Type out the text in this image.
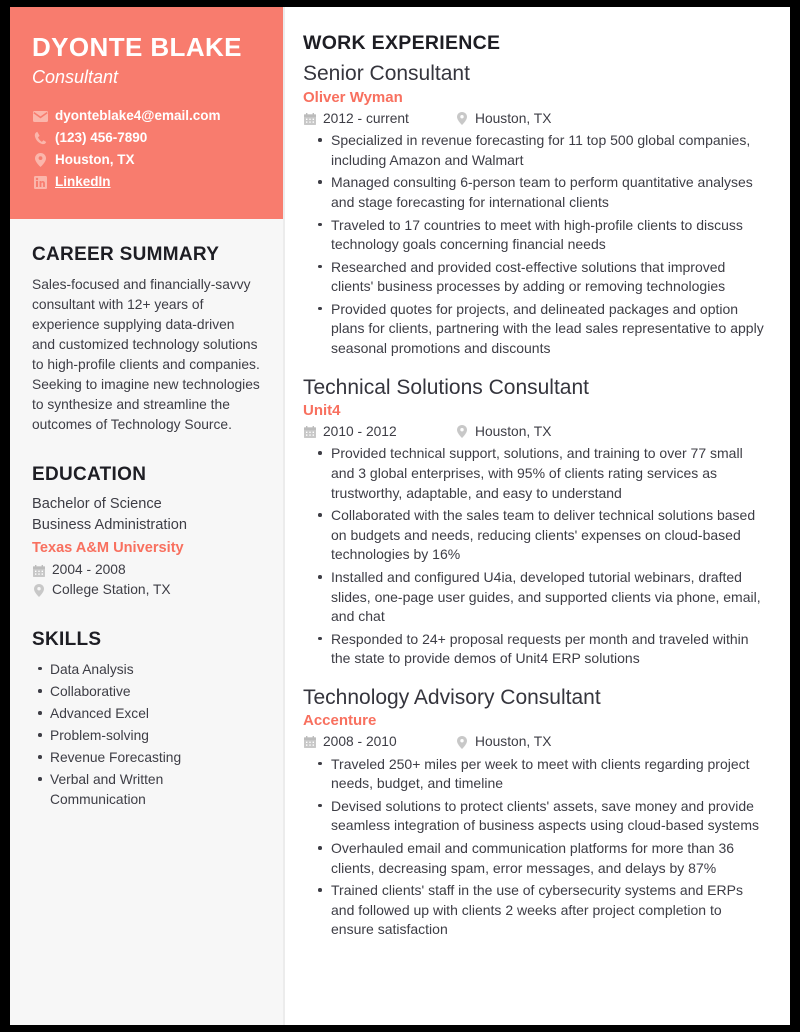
DYONTE BLAKE
Consultant
dyonteblake4@email.com
(123) 456-7890
Houston, TX
LinkedIn
CAREER SUMMARY

Sales-focused and financially-savvy consultant with 12+ years of experience supplying data-driven and customized technology solutions to high-profile clients and companies. Seeking to imagine new technologies to synthesize and streamline the outcomes of Technology Source.

EDUCATION

Bachelor of Science

Business Administration

Texas A&M University

2004 - 2008
College Station, TX
SKILLS
Data Analysis
Collaborative
Advanced Excel
Problem-solving
Revenue Forecasting
Verbal and Written Communication
WORK EXPERIENCE
Senior Consultant
Oliver Wyman
2012 - current	Houston, TX
Specialized in revenue forecasting for 11 top 500 global companies, including Amazon and Walmart
Managed consulting 6-person team to perform quantitative analyses and stage forecasting for international clients
Traveled to 17 countries to meet with high-profile clients to discuss technology goals concerning financial needs
Researched and provided cost-effective solutions that improved clients' business processes by adding or removing technologies
Provided quotes for projects, and delineated packages and option plans for clients, partnering with the lead sales representative to apply seasonal promotions and discounts
Technical Solutions Consultant
Unit4
2010 - 2012	Houston, TX
Provided technical support, solutions, and training to over 77 small and 3 global enterprises, with 95% of clients rating services as trustworthy, adaptable, and easy to understand
Collaborated with the sales team to deliver technical solutions based on budgets and needs, reducing clients' expenses on cloud-based technologies by 16%
Installed and configured U4ia, developed tutorial webinars, drafted slides, one-page user guides, and supported clients via phone, email, and chat
Responded to 24+ proposal requests per month and traveled within the state to provide demos of Unit4 ERP solutions
Technology Advisory Consultant
Accenture
2008 - 2010	Houston, TX
Traveled 250+ miles per week to meet with clients regarding project needs, budget, and timeline
Devised solutions to protect clients' assets, save money and provide seamless integration of business aspects using cloud-based systems
Overhauled email and communication platforms for more than 36 clients, decreasing spam, error messages, and delays by 87%
Trained clients' staff in the use of cybersecurity systems and ERPs and followed up with clients 2 weeks after project completion to ensure satisfaction
